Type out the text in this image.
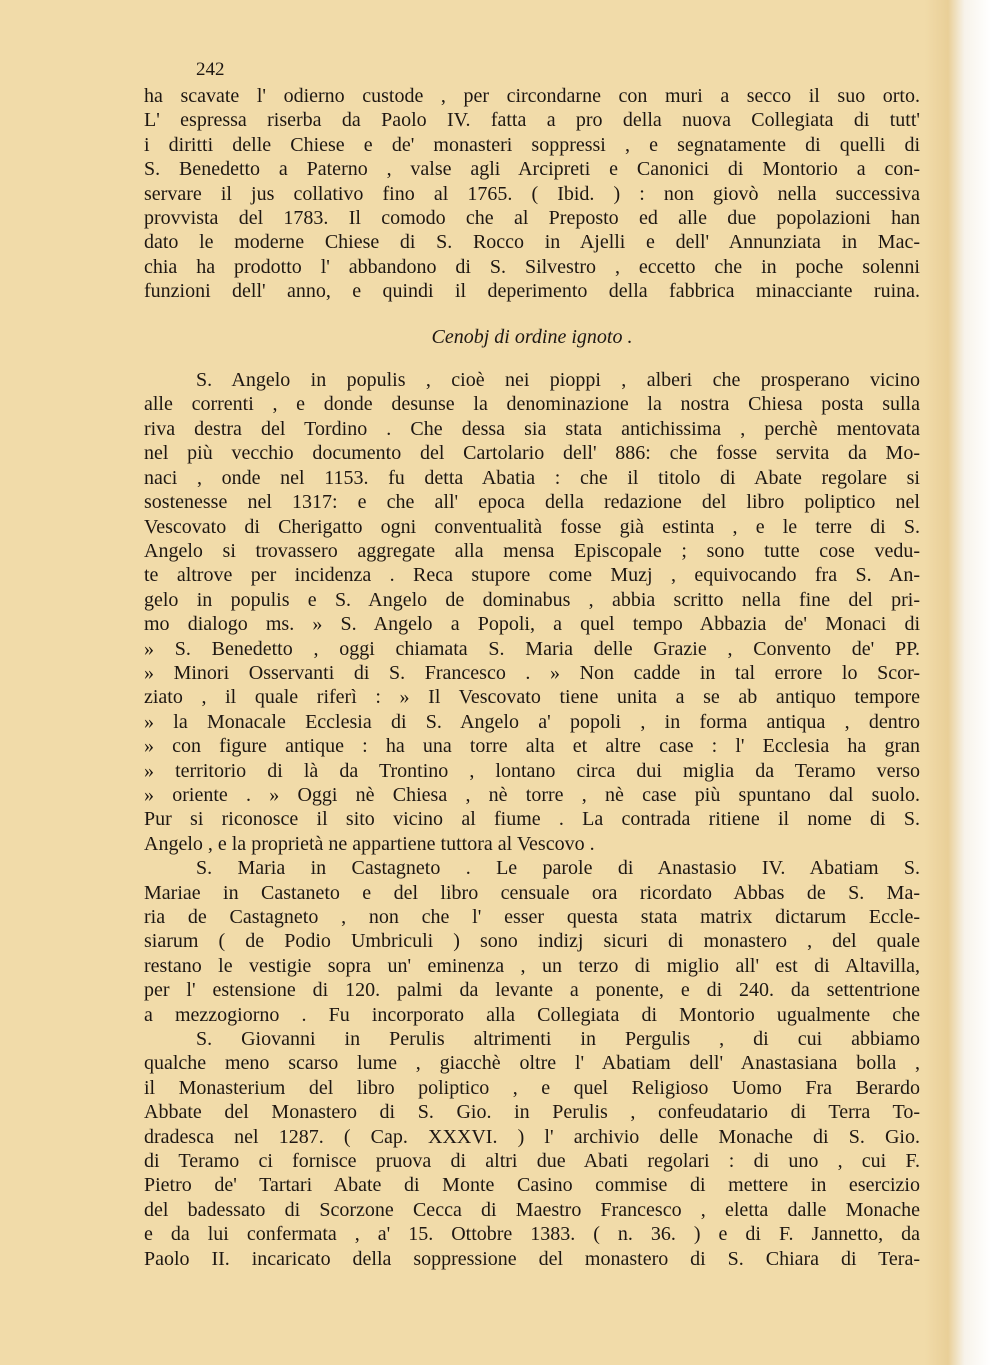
242
ha scavate l' odierno custode , per circondarne con muri a secco il suo orto.
L' espressa riserba da Paolo IV. fatta a pro della nuova Collegiata di tutt'
i diritti delle Chiese e de' monasteri soppressi , e segnatamente di quelli di
S. Benedetto a Paterno , valse agli Arcipreti e Canonici di Montorio a con-
servare il jus collativo fino al 1765. ( Ibid. ) : non giovò nella successiva
provvista del 1783. Il comodo che al Preposto ed alle due popolazioni han
dato le moderne Chiese di S. Rocco in Ajelli e dell' Annunziata in Mac-
chia ha prodotto l' abbandono di S. Silvestro , eccetto che in poche solenni
funzioni dell' anno, e quindi il deperimento della fabbrica minacciante ruina.
Cenobj di ordine ignoto .
S. Angelo in populis , cioè nei pioppi , alberi che prosperano vicino
alle correnti , e donde desunse la denominazione la nostra Chiesa posta sulla
riva destra del Tordino . Che dessa sia stata antichissima , perchè mentovata
nel più vecchio documento del Cartolario dell' 886: che fosse servita da Mo-
naci , onde nel 1153. fu detta Abatia : che il titolo di Abate regolare si
sostenesse nel 1317: e che all' epoca della redazione del libro poliptico nel
Vescovato di Cherigatto ogni conventualità fosse già estinta , e le terre di S.
Angelo si trovassero aggregate alla mensa Episcopale ; sono tutte cose vedu-
te altrove per incidenza . Reca stupore come Muzj , equivocando fra S. An-
gelo in populis e S. Angelo de dominabus , abbia scritto nella fine del pri-
mo dialogo ms. » S. Angelo a Popoli, a quel tempo Abbazia de' Monaci di
» S. Benedetto , oggi chiamata S. Maria delle Grazie , Convento de' PP.
» Minori Osservanti di S. Francesco . » Non cadde in tal errore lo Scor-
ziato , il quale riferì : » Il Vescovato tiene unita a se ab antiquo tempore
» la Monacale Ecclesia di S. Angelo a' popoli , in forma antiqua , dentro
» con figure antique : ha una torre alta et altre case : l' Ecclesia ha gran
» territorio di là da Trontino , lontano circa dui miglia da Teramo verso
» oriente . » Oggi nè Chiesa , nè torre , nè case più spuntano dal suolo.
Pur si riconosce il sito vicino al fiume . La contrada ritiene il nome di S.
Angelo , e la proprietà ne appartiene tuttora al Vescovo .
S. Maria in Castagneto . Le parole di Anastasio IV. Abatiam S.
Mariae in Castaneto e del libro censuale ora ricordato Abbas de S. Ma-
ria de Castagneto , non che l' esser questa stata matrix dictarum Eccle-
siarum ( de Podio Umbriculi ) sono indizj sicuri di monastero , del quale
restano le vestigie sopra un' eminenza , un terzo di miglio all' est di Altavilla,
per l' estensione di 120. palmi da levante a ponente, e di 240. da settentrione
a mezzogiorno . Fu incorporato alla Collegiata di Montorio ugualmente che
S. Giovanni in Perulis altrimenti in Pergulis , di cui abbiamo
qualche meno scarso lume , giacchè oltre l' Abatiam dell' Anastasiana bolla ,
il Monasterium del libro poliptico , e quel Religioso Uomo Fra Berardo
Abbate del Monastero di S. Gio. in Perulis , confeudatario di Terra To-
dradesca nel 1287. ( Cap. XXXVI. ) l' archivio delle Monache di S. Gio.
di Teramo ci fornisce pruova di altri due Abati regolari : di uno , cui F.
Pietro de' Tartari Abate di Monte Casino commise di mettere in esercizio
del badessato di Scorzone Cecca di Maestro Francesco , eletta dalle Monache
e da lui confermata , a' 15. Ottobre 1383. ( n. 36. ) e di F. Jannetto, da
Paolo II. incaricato della soppressione del monastero di S. Chiara di Tera-
